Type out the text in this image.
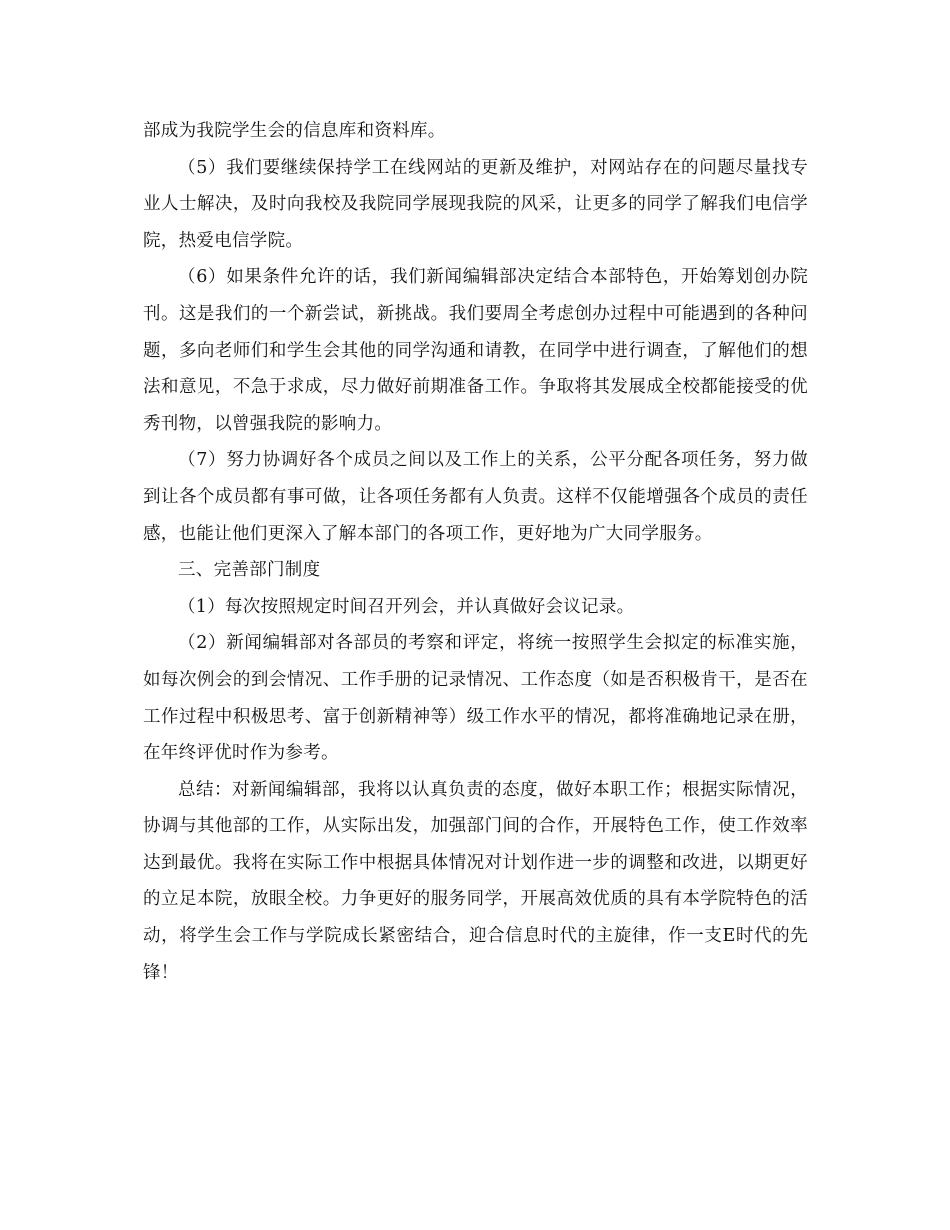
部成为我院学生会的信息库和资料库。

（5）我们要继续保持学工在线网站的更新及维护，对网站存在的问题尽量找专业人士解决，及时向我校及我院同学展现我院的风采，让更多的同学了解我们电信学院，热爱电信学院。

（6）如果条件允许的话，我们新闻编辑部决定结合本部特色，开始筹划创办院刊。这是我们的一个新尝试，新挑战。我们要周全考虑创办过程中可能遇到的各种问题，多向老师们和学生会其他的同学沟通和请教，在同学中进行调查，了解他们的想法和意见，不急于求成，尽力做好前期准备工作。争取将其发展成全校都能接受的优秀刊物，以曾强我院的影响力。

（7）努力协调好各个成员之间以及工作上的关系，公平分配各项任务，努力做到让各个成员都有事可做，让各项任务都有人负责。这样不仅能增强各个成员的责任感，也能让他们更深入了解本部门的各项工作，更好地为广大同学服务。

三、完善部门制度

（1）每次按照规定时间召开列会，并认真做好会议记录。

（2）新闻编辑部对各部员的考察和评定，将统一按照学生会拟定的标准实施，如每次例会的到会情况、工作手册的记录情况、工作态度（如是否积极肯干，是否在工作过程中积极思考、富于创新精神等）级工作水平的情况，都将准确地记录在册，在年终评优时作为参考。

总结：对新闻编辑部，我将以认真负责的态度，做好本职工作；根据实际情况，协调与其他部的工作，从实际出发，加强部门间的合作，开展特色工作，使工作效率达到最优。我将在实际工作中根据具体情况对计划作进一步的调整和改进，以期更好的立足本院，放眼全校。力争更好的服务同学，开展高效优质的具有本学院特色的活动，将学生会工作与学院成长紧密结合，迎合信息时代的主旋律，作一支E时代的先锋！
